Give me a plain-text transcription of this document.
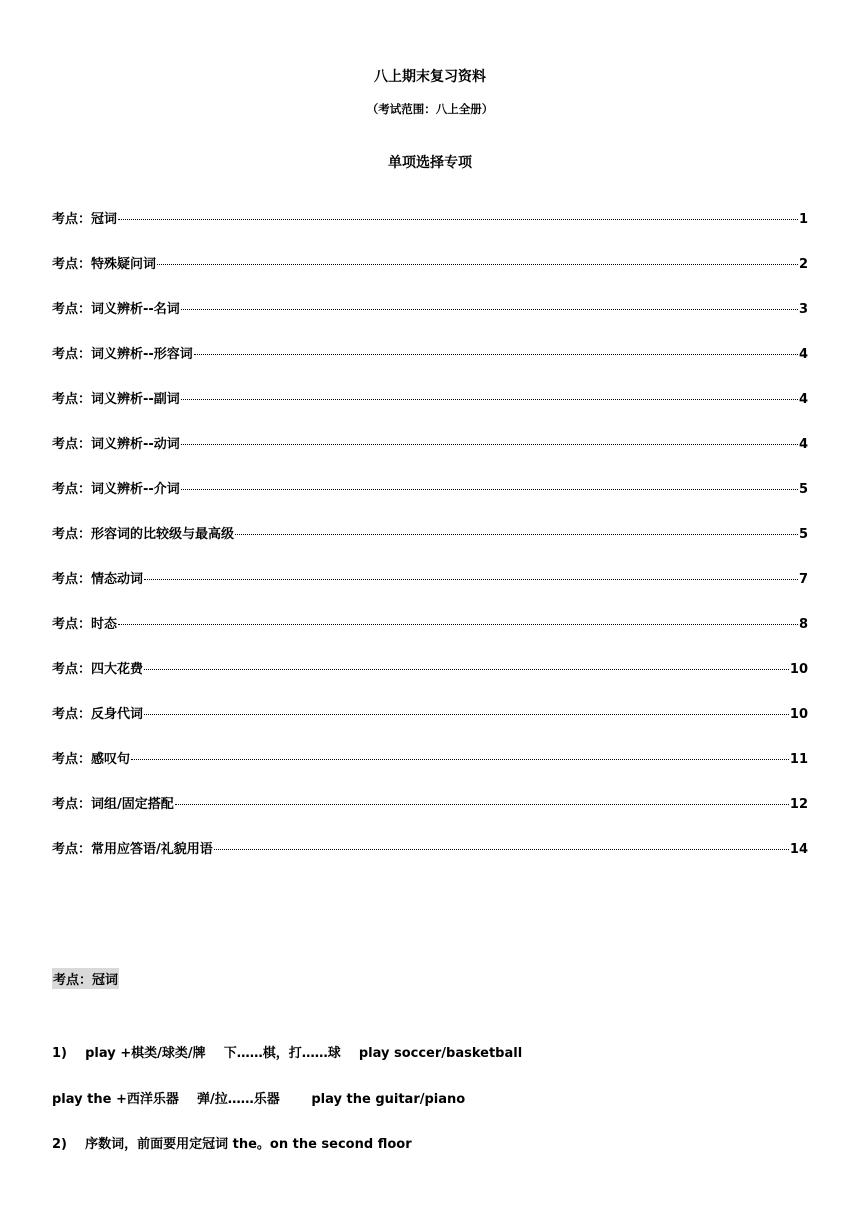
八上期末复习资料
（考试范围：八上全册）
单项选择专项
考点：冠词	1
考点：特殊疑问词	2
考点：词义辨析--名词	3
考点：词义辨析--形容词	4
考点：词义辨析--副词	4
考点：词义辨析--动词	4
考点：词义辨析--介词	5
考点：形容词的比较级与最高级	5
考点：情态动词	7
考点：时态	8
考点：四大花费	10
考点：反身代词	10
考点：感叹句	11
考点：词组/固定搭配	12
考点：常用应答语/礼貌用语	14
考点：冠词
1)    play +棋类/球类/牌    下……棋，打……球    play soccer/basketball
play the +西洋乐器    弹/拉……乐器       play the guitar/piano
2)    序数词，前面要用定冠词 the。on the second floor
